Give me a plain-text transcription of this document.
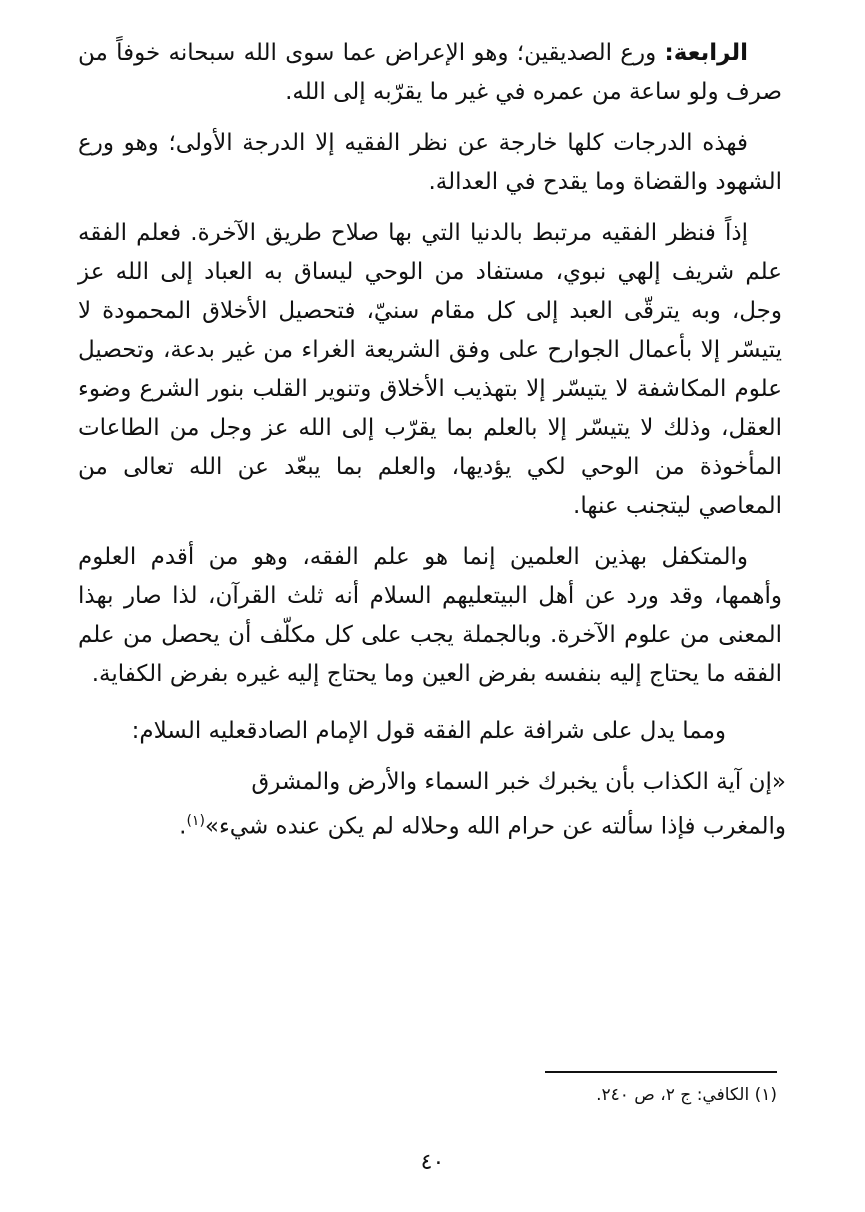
الرابعة: ورع الصديقين؛ وهو الإعراض عما سوى الله سبحانه خوفاً من صرف ولو ساعة من عمره في غير ما يقرّبه إلى الله.

فهذه الدرجات كلها خارجة عن نظر الفقيه إلا الدرجة الأولى؛ وهو ورع الشهود والقضاة وما يقدح في العدالة.

إذاً فنظر الفقيه مرتبط بالدنيا التي بها صلاح طريق الآخرة. فعلم الفقه علم شريف إلهي نبوي، مستفاد من الوحي ليساق به العباد إلى الله عز وجل، وبه يترقّى العبد إلى كل مقام سنيّ، فتحصيل الأخلاق المحمودة لا يتيسّر إلا بأعمال الجوارح على وفق الشريعة الغراء من غير بدعة، وتحصيل علوم المكاشفة لا يتيسّر إلا بتهذيب الأخلاق وتنوير القلب بنور الشرع وضوء العقل، وذلك لا يتيسّر إلا بالعلم بما يقرّب إلى الله عز وجل من الطاعات المأخوذة من الوحي لكي يؤديها، والعلم بما يبعّد عن الله تعالى من المعاصي ليتجنب عنها.

والمتكفل بهذين العلمين إنما هو علم الفقه، وهو من أقدم العلوم وأهمها، وقد ورد عن أهل البيتعليهم السلام أنه ثلث القرآن، لذا صار بهذا المعنى من علوم الآخرة. وبالجملة يجب على كل مكلّف أن يحصل من علم الفقه ما يحتاج إليه بنفسه بفرض العين وما يحتاج إليه غيره بفرض الكفاية.

ومما يدل على شرافة علم الفقه قول الإمام الصادقعليه السلام:

«إن آية الكذاب بأن يخبرك خبر السماء والأرض والمشرق والمغرب فإذا سألته عن حرام الله وحلاله لم يكن عنده شيء»$^{(١)}$.

(١) الكافي: ج ٢، ص ٢٤٠.
٤٠
